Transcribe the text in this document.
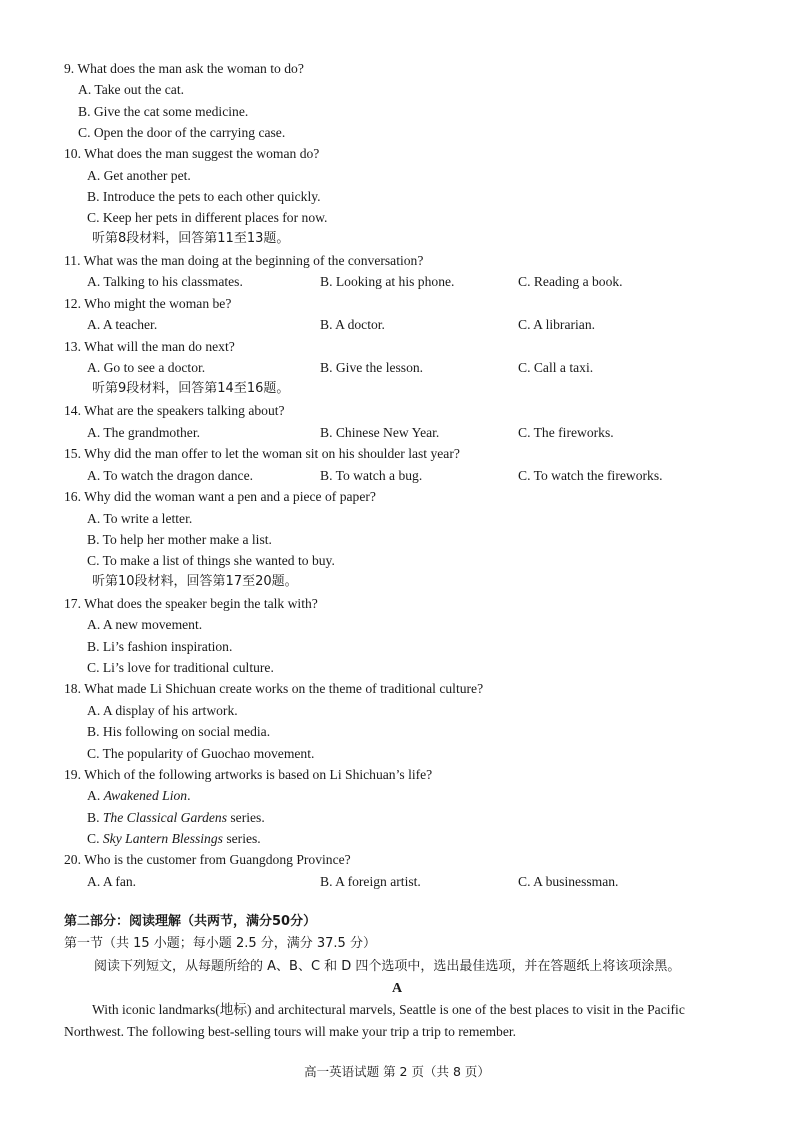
9. What does the man ask the woman to do?
A. Take out the cat.
B. Give the cat some medicine.
C. Open the door of the carrying case.
10. What does the man suggest the woman do?
A. Get another pet.
B. Introduce the pets to each other quickly.
C. Keep her pets in different places for now.
听第8段材料，回答第11至13题。
11. What was the man doing at the beginning of the conversation?
A. Talking to his classmates.	B. Looking at his phone.	C. Reading a book.
12. Who might the woman be?
A. A teacher.	B. A doctor.	C. A librarian.
13. What will the man do next?
A. Go to see a doctor.	B. Give the lesson.	C. Call a taxi.
听第9段材料，回答第14至16题。
14. What are the speakers talking about?
A. The grandmother.	B. Chinese New Year.	C. The fireworks.
15. Why did the man offer to let the woman sit on his shoulder last year?
A. To watch the dragon dance.	B. To watch a bug.	C. To watch the fireworks.
16. Why did the woman want a pen and a piece of paper?
A. To write a letter.
B. To help her mother make a list.
C. To make a list of things she wanted to buy.
听第10段材料，回答第17至20题。
17. What does the speaker begin the talk with?
A. A new movement.
B. Li’s fashion inspiration.
C. Li’s love for traditional culture.
18. What made Li Shichuan create works on the theme of traditional culture?
A. A display of his artwork.
B. His following on social media.
C. The popularity of Guochao movement.
19. Which of the following artworks is based on Li Shichuan’s life?
A. Awakened Lion.
B. The Classical Gardens series.
C. Sky Lantern Blessings series.
20. Who is the customer from Guangdong Province?
A. A fan.	B. A foreign artist.	C. A businessman.
第二部分：阅读理解（共两节，满分50分）
第一节（共 15 小题；每小题 2.5 分，满分 37.5 分）
阅读下列短文，从每题所给的 A、B、C 和 D 四个选项中，选出最佳选项，并在答题纸上将该项涂黑。
A
With iconic landmarks(地标) and architectural marvels, Seattle is one of the best places to visit in the Pacific Northwest. The following best-selling tours will make your trip a trip to remember.
高一英语试题 第 2 页（共 8 页）
